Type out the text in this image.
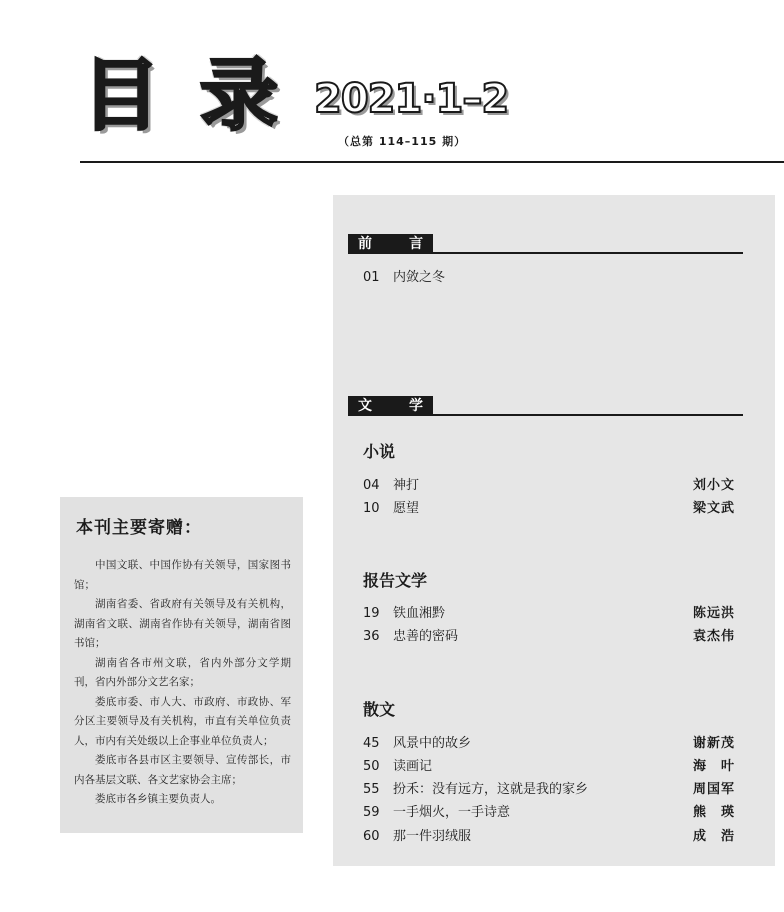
目 录 2021·1–2
（总第 114–115 期）
本刊主要寄赠：

中国文联、中国作协有关领导，国家图书馆；

湖南省委、省政府有关领导及有关机构，湖南省文联、湖南省作协有关领导，湖南省图书馆；

湖南省各市州文联，省内外部分文学期刊，省内外部分文艺名家；

娄底市委、市人大、市政府、市政协、军分区主要领导及有关机构，市直有关单位负责人，市内有关处级以上企事业单位负责人；

娄底市各县市区主要领导、宣传部长，市内各基层文联、各文艺家协会主席；

娄底市各乡镇主要负责人。

前	言
01	内敛之冬
文	学
小说
04	神打	刘小文
10	愿望	梁文武
报告文学
19	铁血湘黔	陈远洪
36	忠善的密码	袁杰伟
散文
45	风景中的故乡	谢新茂
50	读画记	海　叶
55	扮禾：没有远方，这就是我的家乡	周国军
59	一手烟火，一手诗意	熊　瑛
60	那一件羽绒服	成　浩
